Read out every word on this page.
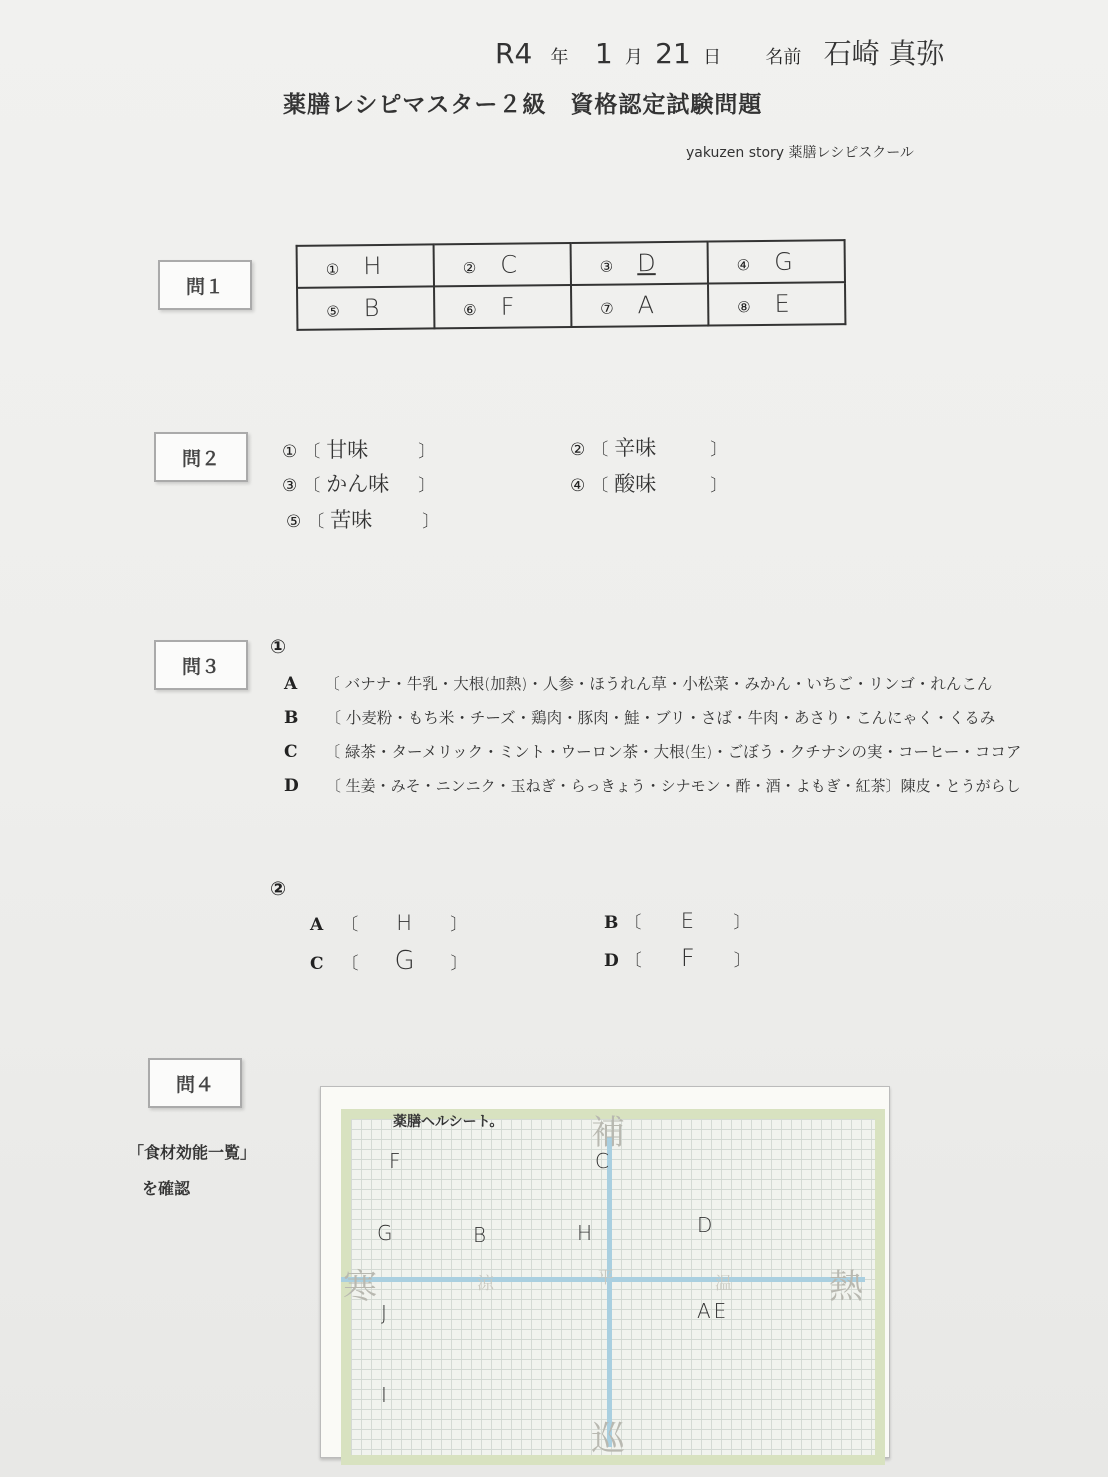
R4 年 1 月 21 日 名前 石崎 真弥
薬膳レシピマスター２級　資格認定試験問題
yakuzen story 薬膳レシピスクール
問１
① H	② C	③ D	④ G
⑤ B	⑥ F	⑦ A	⑧ E
問２	① 〔 甘味	〕	② 〔 辛味	〕
③ 〔 かん味 〕	④ 〔 酸味	〕
⑤ 〔 苦味	〕
問３
①
A 〔 バナナ・牛乳・大根(加熱)・人参・ほうれん草・小松菜・みかん・いちご・リンゴ・れんこん
B 〔 小麦粉・もち米・チーズ・鶏肉・豚肉・鮭・ブリ・さば・牛肉・あさり・こんにゃく・くるみ
C 〔 緑茶・ターメリック・ミント・ウーロン茶・大根(生)・ごぼう・クチナシの実・コーヒー・ココア
D 〔 生姜・みそ・ニンニク・玉ねぎ・らっきょう・シナモン・酢・酒・よもぎ・紅茶〕陳皮・とうがらし
②
A 〔 H 〕	B 〔 E 〕
C 〔 G 〕	D 〔 F 〕
問４
「食材効能一覧」
を確認
薬膳ヘルシート。	補
巡
寒	熱
平
涼	温
F	C
G	B	H	D
J	AE
I
